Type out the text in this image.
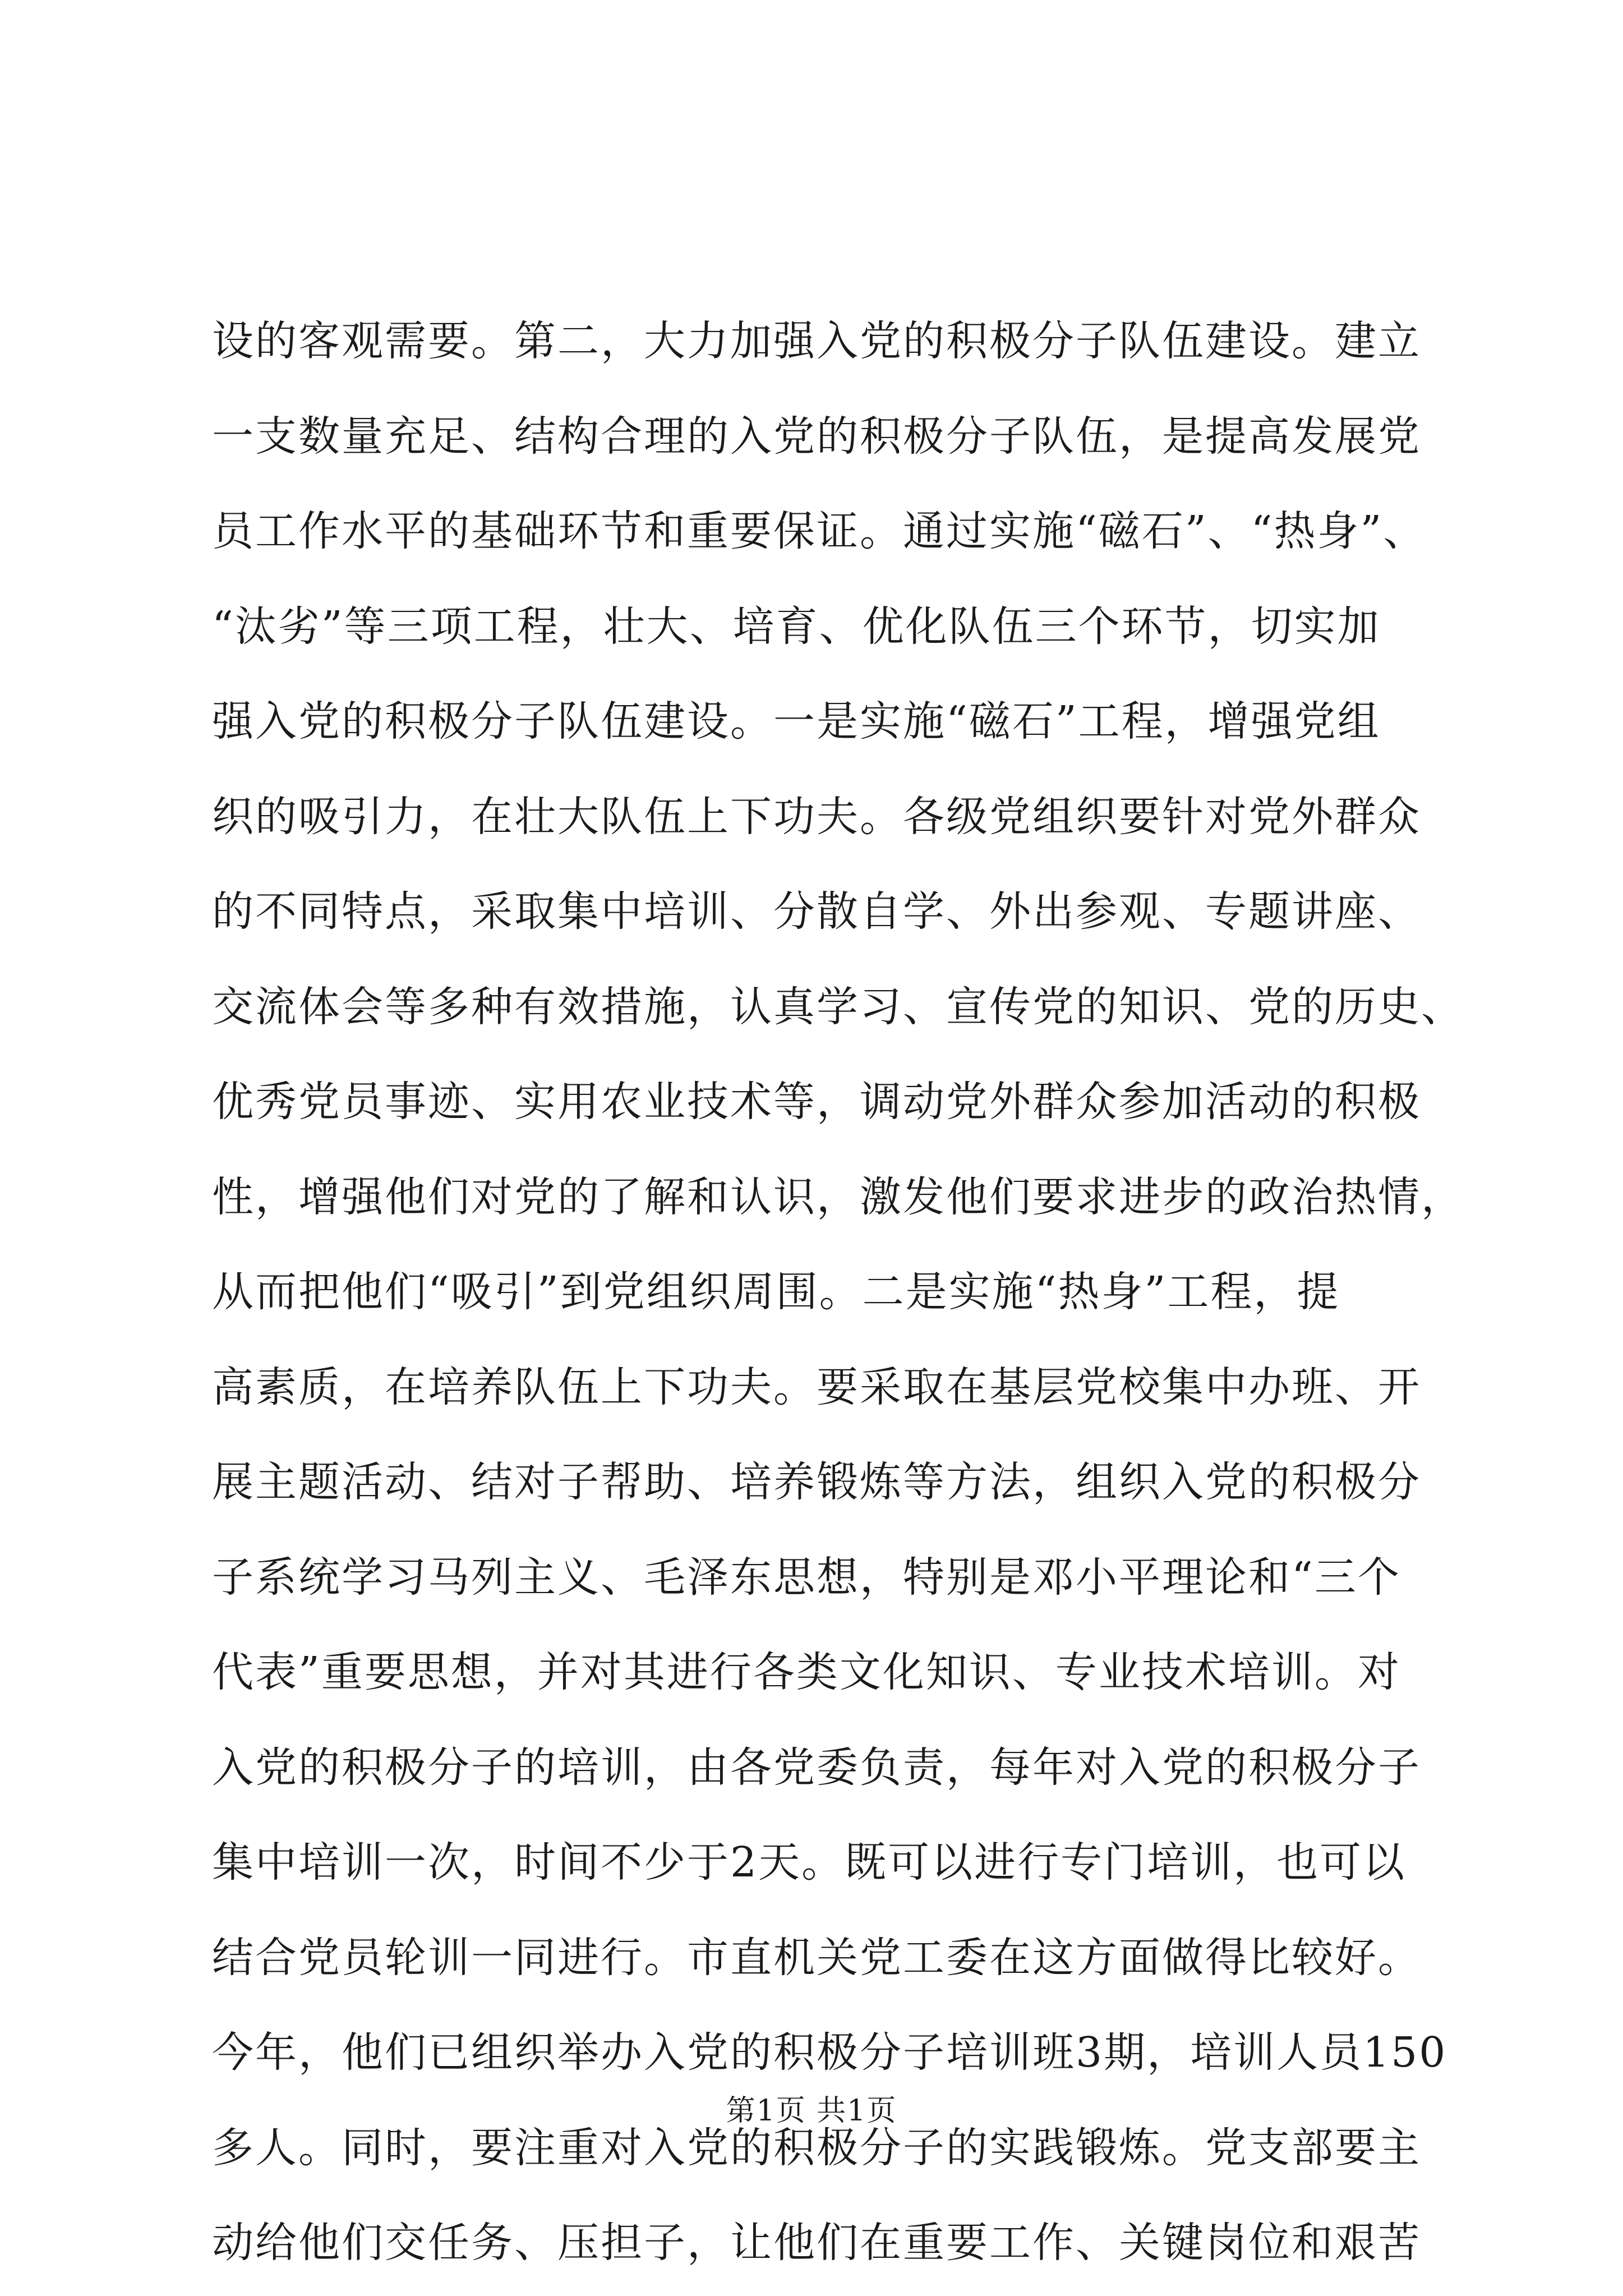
设的客观需要。第二，大力加强入党的积极分子队伍建设。建立
一支数量充足、结构合理的入党的积极分子队伍，是提高发展党
员工作水平的基础环节和重要保证。通过实施“磁石”、“热身”、
“汰劣”等三项工程，壮大、培育、优化队伍三个环节，切实加
强入党的积极分子队伍建设。一是实施“磁石”工程，增强党组
织的吸引力，在壮大队伍上下功夫。各级党组织要针对党外群众
的不同特点，采取集中培训、分散自学、外出参观、专题讲座、
交流体会等多种有效措施，认真学习、宣传党的知识、党的历史、
优秀党员事迹、实用农业技术等，调动党外群众参加活动的积极
性，增强他们对党的了解和认识，激发他们要求进步的政治热情，
从而把他们“吸引”到党组织周围。二是实施“热身”工程，提
高素质，在培养队伍上下功夫。要采取在基层党校集中办班、开
展主题活动、结对子帮助、培养锻炼等方法，组织入党的积极分
子系统学习马列主义、毛泽东思想，特别是邓小平理论和“三个
代表”重要思想，并对其进行各类文化知识、专业技术培训。对
入党的积极分子的培训，由各党委负责，每年对入党的积极分子
集中培训一次，时间不少于2天。既可以进行专门培训，也可以
结合党员轮训一同进行。市直机关党工委在这方面做得比较好。
今年，他们已组织举办入党的积极分子培训班3期，培训人员150
多人。同时，要注重对入党的积极分子的实践锻炼。党支部要主
动给他们交任务、压担子，让他们在重要工作、关键岗位和艰苦
第1页 共1页
